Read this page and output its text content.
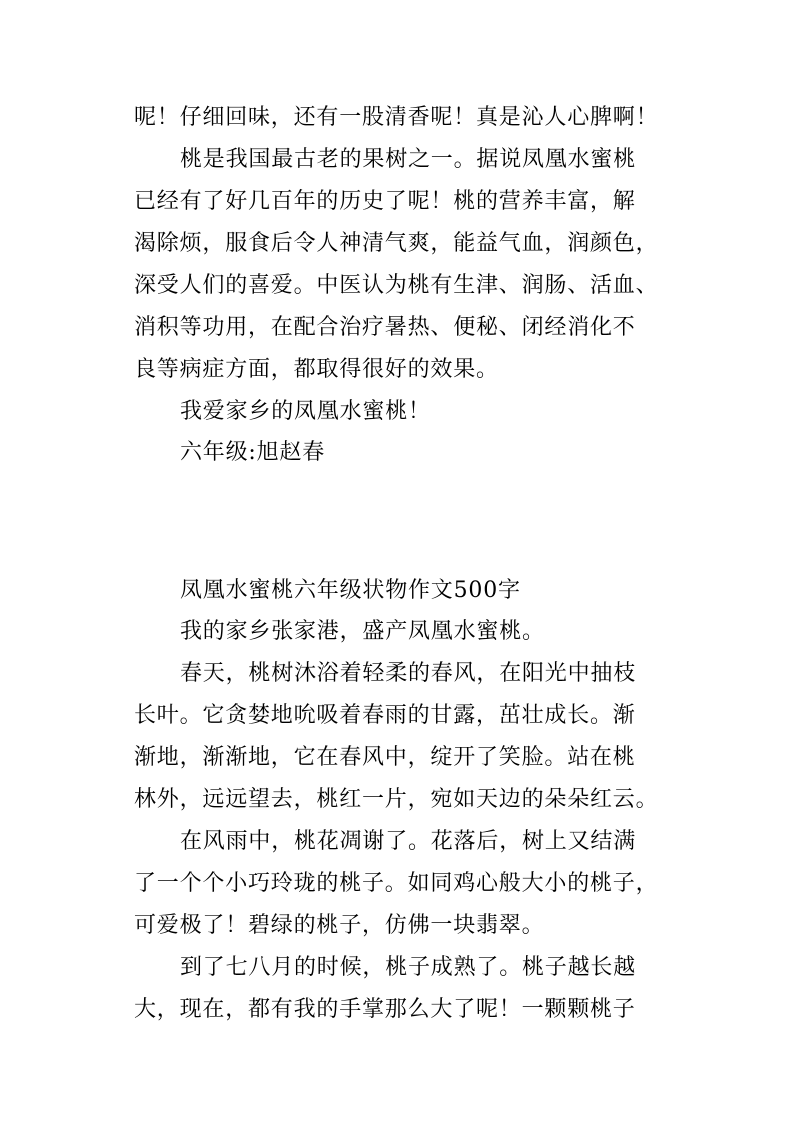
呢！仔细回味，还有一股清香呢！真是沁人心脾啊！
桃是我国最古老的果树之一。据说凤凰水蜜桃
已经有了好几百年的历史了呢！桃的营养丰富，解
渴除烦，服食后令人神清气爽，能益气血，润颜色，
深受人们的喜爱。中医认为桃有生津、润肠、活血、
消积等功用，在配合治疗暑热、便秘、闭经消化不
良等病症方面，都取得很好的效果。
我爱家乡的凤凰水蜜桃！
六年级:旭赵春
凤凰水蜜桃六年级状物作文500字
我的家乡张家港，盛产凤凰水蜜桃。
春天，桃树沐浴着轻柔的春风，在阳光中抽枝
长叶。它贪婪地吮吸着春雨的甘露，茁壮成长。渐
渐地，渐渐地，它在春风中，绽开了笑脸。站在桃
林外，远远望去，桃红一片，宛如天边的朵朵红云。
在风雨中，桃花凋谢了。花落后，树上又结满
了一个个小巧玲珑的桃子。如同鸡心般大小的桃子，
可爱极了！碧绿的桃子，仿佛一块翡翠。
到了七八月的时候，桃子成熟了。桃子越长越
大，现在，都有我的手掌那么大了呢！一颗颗桃子
